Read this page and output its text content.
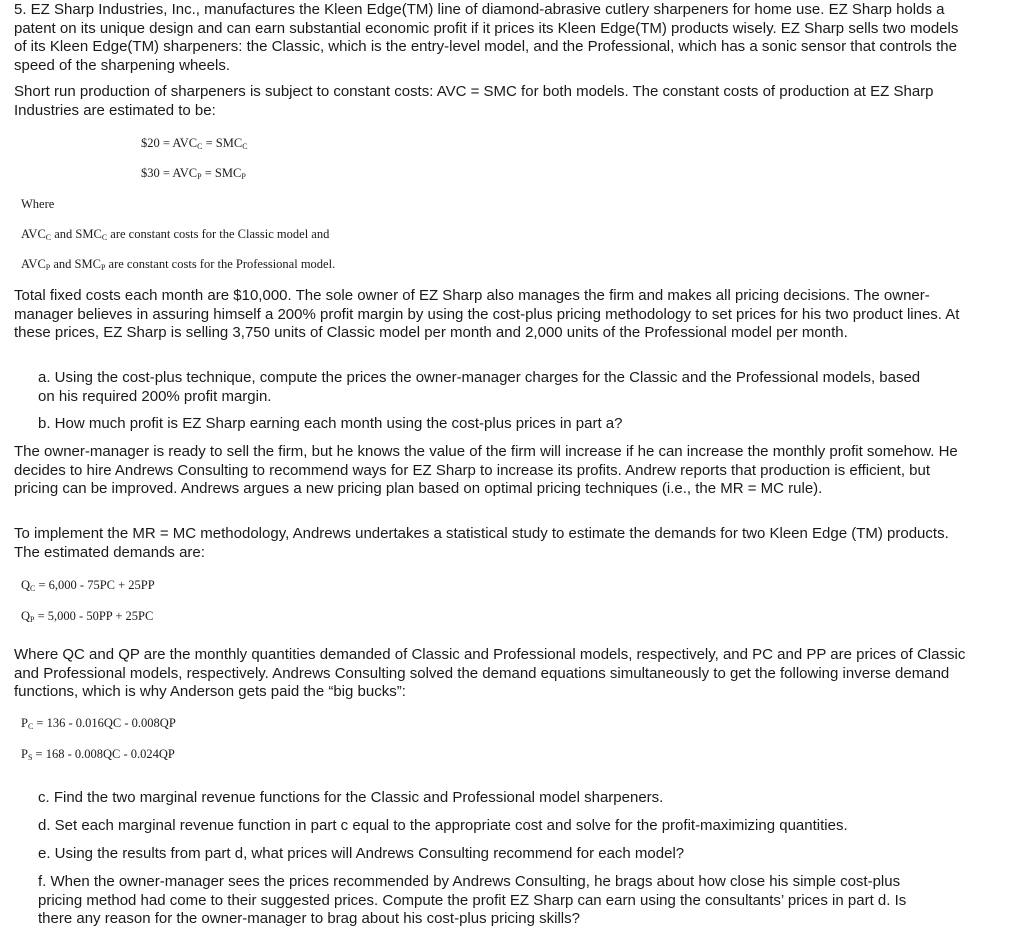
5. EZ Sharp Industries, Inc., manufactures the Kleen Edge(TM) line of diamond-abrasive cutlery sharpeners for home use. EZ Sharp holds a patent on its unique design and can earn substantial economic profit if it prices its Kleen Edge(TM) products wisely. EZ Sharp sells two models of its Kleen Edge(TM) sharpeners: the Classic, which is the entry-level model, and the Professional, which has a sonic sensor that controls the speed of the sharpening wheels.

Short run production of sharpeners is subject to constant costs: AVC = SMC for both models. The constant costs of production at EZ Sharp Industries are estimated to be:

$20 = $AVC_C = SMC_C$
$30 = $AVC_P = SMC_P$
Where
$AVC_C$ and $SMC_C$ are constant costs for the Classic model and
$AVC_P$ and $SMC_P$ are constant costs for the Professional model.

Total fixed costs each month are $10,000. The sole owner of EZ Sharp also manages the firm and makes all pricing decisions. The owner-manager believes in assuring himself a 200% profit margin by using the cost-plus pricing methodology to set prices for his two product lines. At these prices, EZ Sharp is selling 3,750 units of Classic model per month and 2,000 units of the Professional model per month.

a. Using the cost-plus technique, compute the prices the owner-manager charges for the Classic and the Professional models, based on his required 200% profit margin.

b. How much profit is EZ Sharp earning each month using the cost-plus prices in part a?

The owner-manager is ready to sell the firm, but he knows the value of the firm will increase if he can increase the monthly profit somehow. He decides to hire Andrews Consulting to recommend ways for EZ Sharp to increase its profits. Andrew reports that production is efficient, but pricing can be improved. Andrews argues a new pricing plan based on optimal pricing techniques (i.e., the MR = MC rule).

To implement the MR = MC methodology, Andrews undertakes a statistical study to estimate the demands for two Kleen Edge (TM) products. The estimated demands are:

$Q_C = 6,000 - 75PC + 25PP$
$Q_P = 5,000 - 50PP + 25PC$

Where QC and QP are the monthly quantities demanded of Classic and Professional models, respectively, and PC and PP are prices of Classic and Professional models, respectively. Andrews Consulting solved the demand equations simultaneously to get the following inverse demand functions, which is why Anderson gets paid the “big bucks”:

$P_C = 136 - 0.016QC - 0.008QP$
$P_S = 168 - 0.008QC - 0.024QP$

c. Find the two marginal revenue functions for the Classic and Professional model sharpeners.

d. Set each marginal revenue function in part c equal to the appropriate cost and solve for the profit-maximizing quantities.

e. Using the results from part d, what prices will Andrews Consulting recommend for each model?

f. When the owner-manager sees the prices recommended by Andrews Consulting, he brags about how close his simple cost-plus pricing method had come to their suggested prices. Compute the profit EZ Sharp can earn using the consultants’ prices in part d. Is there any reason for the owner-manager to brag about his cost-plus pricing skills?
